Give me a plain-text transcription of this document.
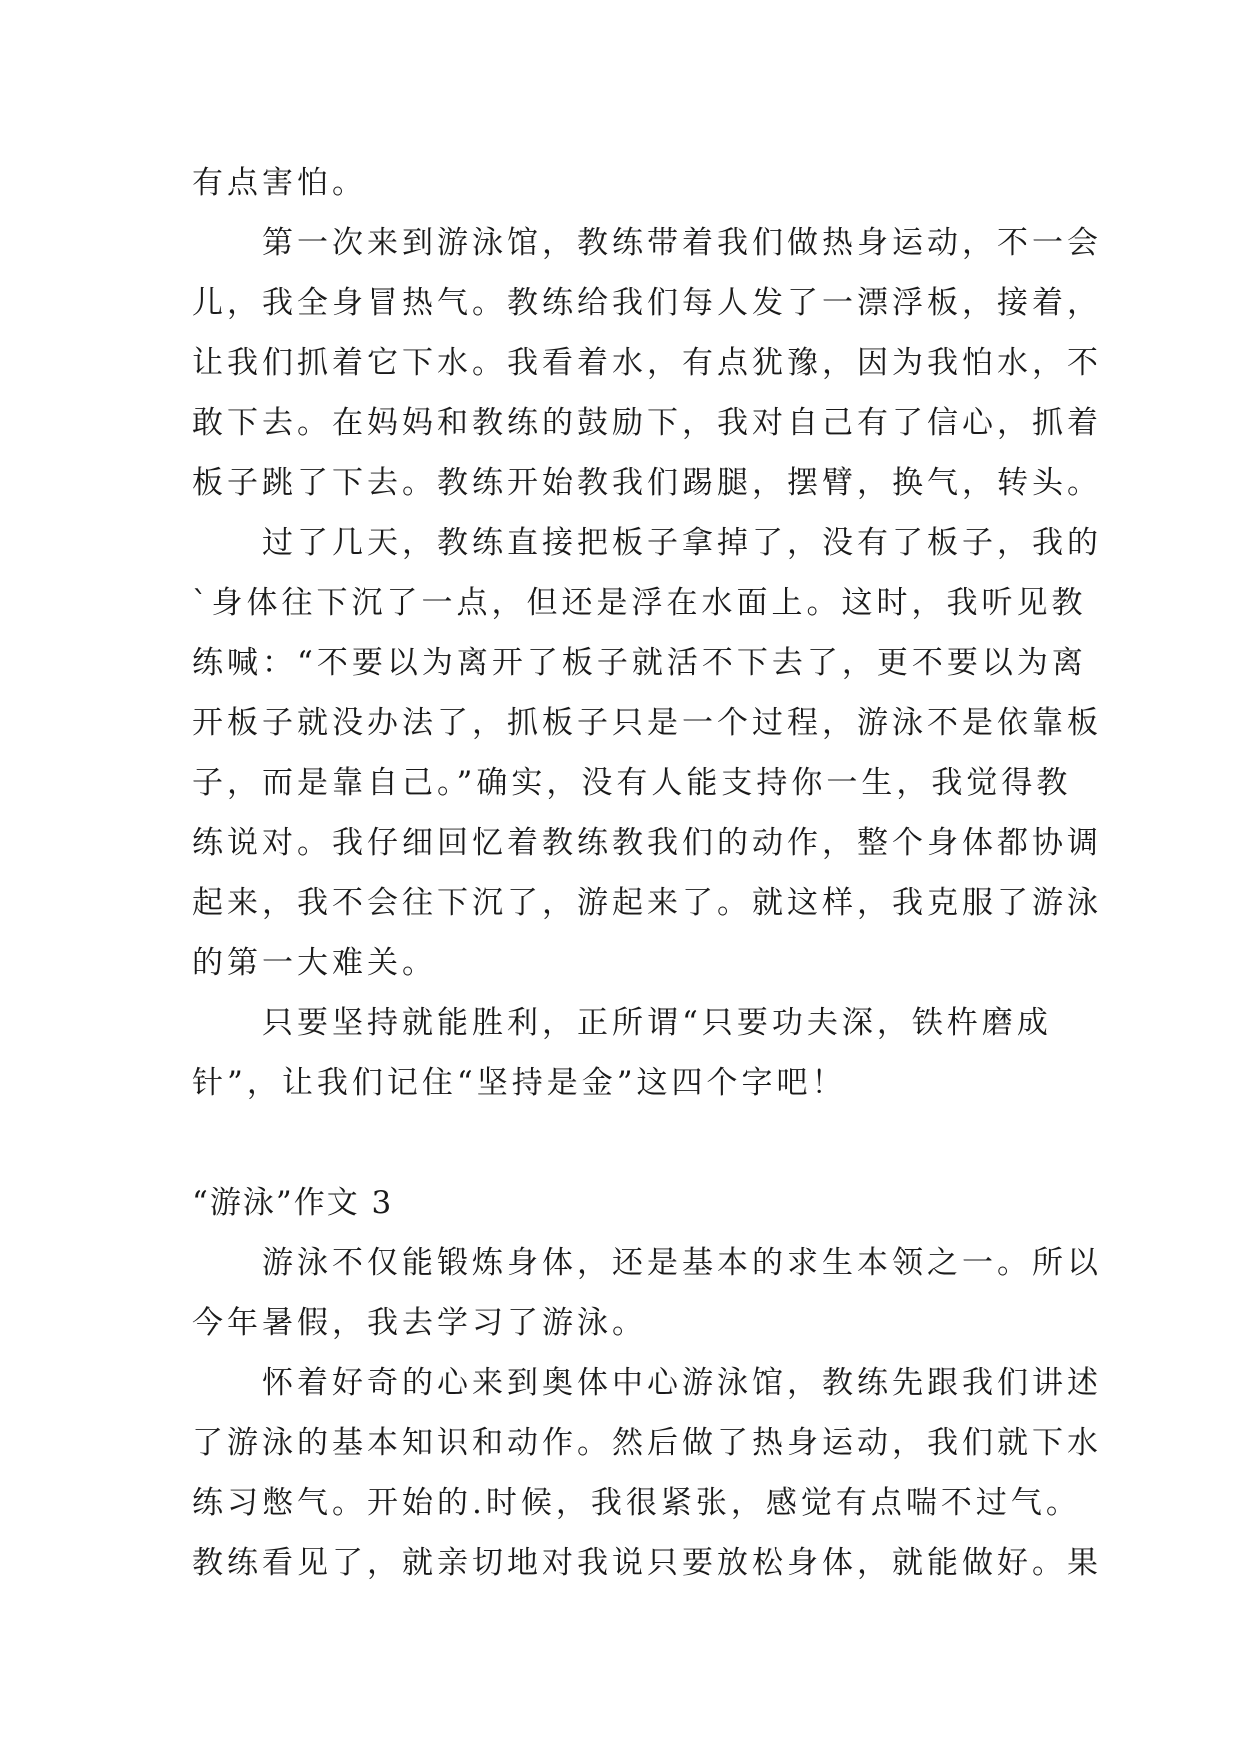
有点害怕。
　　第一次来到游泳馆，教练带着我们做热身运动，不一会
儿，我全身冒热气。教练给我们每人发了一漂浮板，接着，
让我们抓着它下水。我看着水，有点犹豫，因为我怕水，不
敢下去。在妈妈和教练的鼓励下，我对自己有了信心，抓着
板子跳了下去。教练开始教我们踢腿，摆臂，换气，转头。
　　过了几天，教练直接把板子拿掉了，没有了板子，我的
`身体往下沉了一点，但还是浮在水面上。这时，我听见教
练喊：“不要以为离开了板子就活不下去了，更不要以为离
开板子就没办法了，抓板子只是一个过程，游泳不是依靠板
子，而是靠自己。”确实，没有人能支持你一生，我觉得教
练说对。我仔细回忆着教练教我们的动作，整个身体都协调
起来，我不会往下沉了，游起来了。就这样，我克服了游泳
的第一大难关。
　　只要坚持就能胜利，正所谓“只要功夫深，铁杵磨成
针”，让我们记住“坚持是金”这四个字吧！
“游泳”作文 3
　　游泳不仅能锻炼身体，还是基本的求生本领之一。所以
今年暑假，我去学习了游泳。
　　怀着好奇的心来到奥体中心游泳馆，教练先跟我们讲述
了游泳的基本知识和动作。然后做了热身运动，我们就下水
练习憋气。开始的.时候，我很紧张，感觉有点喘不过气。
教练看见了，就亲切地对我说只要放松身体，就能做好。果
